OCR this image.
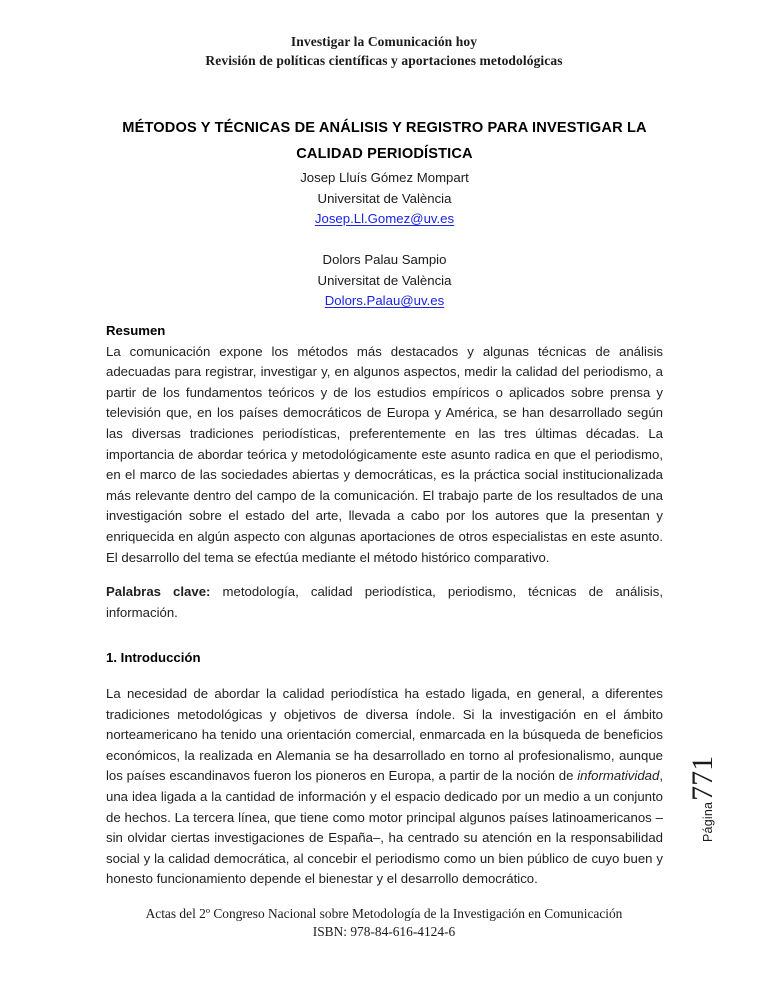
Investigar la Comunicación hoy
Revisión de políticas científicas y aportaciones metodológicas
MÉTODOS Y TÉCNICAS DE ANÁLISIS Y REGISTRO PARA INVESTIGAR LA CALIDAD PERIODÍSTICA
Josep Lluís Gómez Mompart
Universitat de València
Josep.Ll.Gomez@uv.es
Dolors Palau Sampio
Universitat de València
Dolors.Palau@uv.es
Resumen

La comunicación expone los métodos más destacados y algunas técnicas de análisis adecuadas para registrar, investigar y, en algunos aspectos, medir la calidad del periodismo, a partir de los fundamentos teóricos y de los estudios empíricos o aplicados sobre prensa y televisión que, en los países democráticos de Europa y América, se han desarrollado según las diversas tradiciones periodísticas, preferentemente en las tres últimas décadas. La importancia de abordar teórica y metodológicamente este asunto radica en que el periodismo, en el marco de las sociedades abiertas y democráticas, es la práctica social institucionalizada más relevante dentro del campo de la comunicación. El trabajo parte de los resultados de una investigación sobre el estado del arte, llevada a cabo por los autores que la presentan y enriquecida en algún aspecto con algunas aportaciones de otros especialistas en este asunto. El desarrollo del tema se efectúa mediante el método histórico comparativo.

Palabras clave: metodología, calidad periodística, periodismo, técnicas de análisis, información.

1. Introducción

La necesidad de abordar la calidad periodística ha estado ligada, en general, a diferentes tradiciones metodológicas y objetivos de diversa índole. Si la investigación en el ámbito norteamericano ha tenido una orientación comercial, enmarcada en la búsqueda de beneficios económicos, la realizada en Alemania se ha desarrollado en torno al profesionalismo, aunque los países escandinavos fueron los pioneros en Europa, a partir de la noción de informatividad, una idea ligada a la cantidad de información y el espacio dedicado por un medio a un conjunto de hechos. La tercera línea, que tiene como motor principal algunos países latinoamericanos –sin olvidar ciertas investigaciones de España–, ha centrado su atención en la responsabilidad social y la calidad democrática, al concebir el periodismo como un bien público de cuyo buen y honesto funcionamiento depende el bienestar y el desarrollo democrático.

Actas del 2º Congreso Nacional sobre Metodología de la Investigación en Comunicación
ISBN: 978-84-616-4124-6
Página
771
